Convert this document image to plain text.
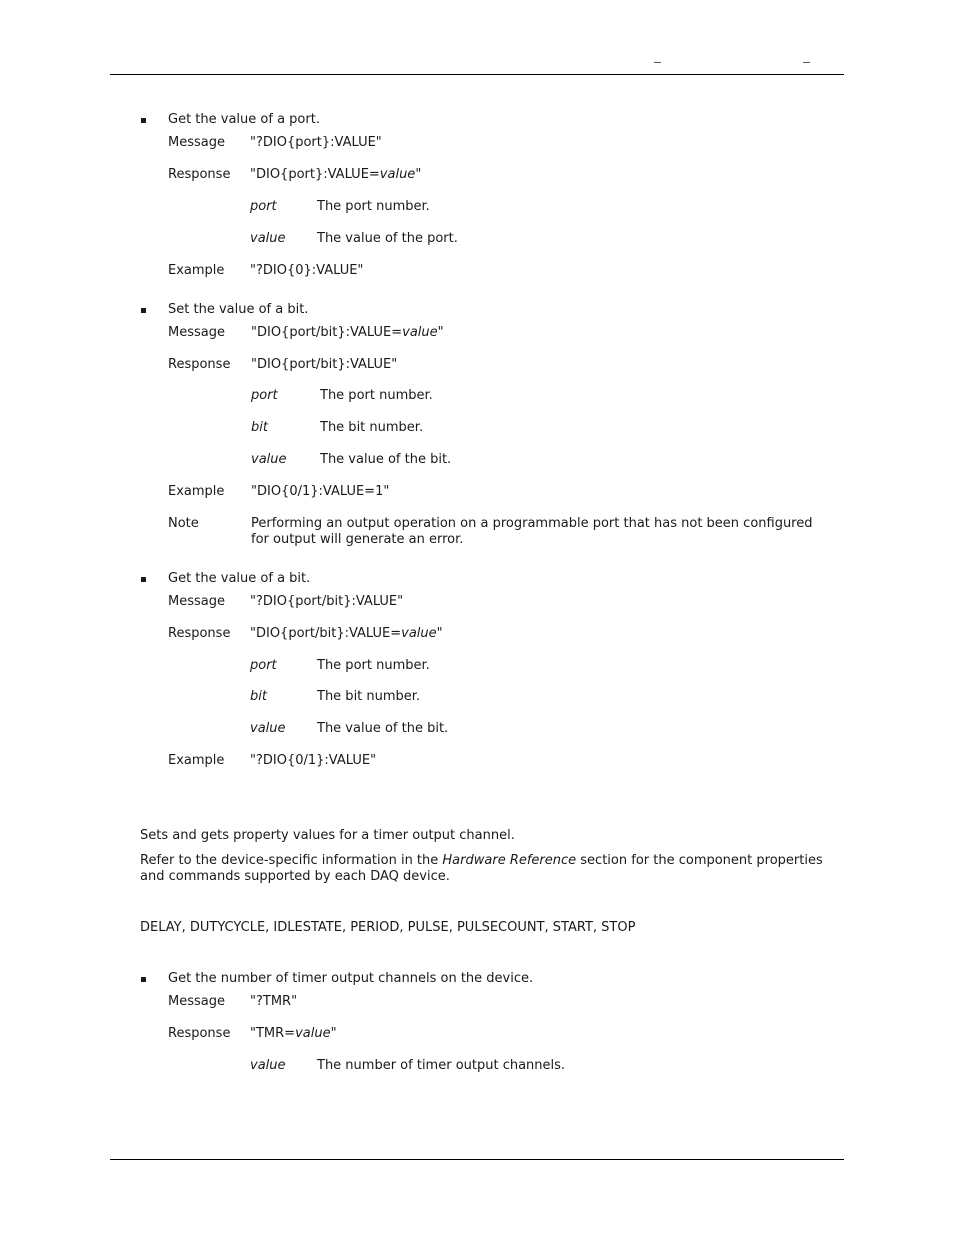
Get the value of a port.
Message "?DIO{port}:VALUE"
Response "DIO{port}:VALUE=value"
port	The port number.
value The value of the port.
Example "?DIO{0}:VALUE"
Set the value of a bit.
Message "DIO{port/bit}:VALUE=value"
Response "DIO{port/bit}:VALUE"
port	The port number.
bit	The bit number.
value	The value of the bit.
Example "DIO{0/1}:VALUE=1"
Note	Performing an output operation on a programmable port that has not been configured
for output will generate an error.
Get the value of a bit.
Message "?DIO{port/bit}:VALUE"
Response "DIO{port/bit}:VALUE=value"
port	The port number.
bit	The bit number.
value The value of the bit.
Example "?DIO{0/1}:VALUE"
Sets and gets property values for a timer output channel.
Refer to the device-specific information in the Hardware Reference section for the component properties
and commands supported by each DAQ device.
DELAY, DUTYCYCLE, IDLESTATE, PERIOD, PULSE, PULSECOUNT, START, STOP
Get the number of timer output channels on the device.
Message "?TMR"
Response "TMR=value"
value The number of timer output channels.
